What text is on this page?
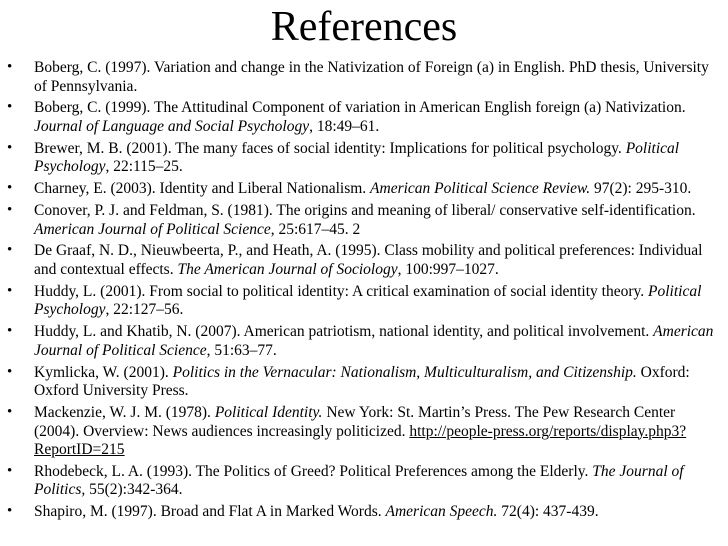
References
• Boberg, C. (1997). Variation and change in the Nativization of Foreign (a) in English. PhD thesis, University of Pennsylvania.
• Boberg, C. (1999). The Attitudinal Component of variation in American English foreign (a) Nativization. Journal of Language and Social Psychology, 18:49–61.
• Brewer, M. B. (2001). The many faces of social identity: Implications for political psychology. Political Psychology, 22:115–25.
• Charney, E. (2003). Identity and Liberal Nationalism. American Political Science Review. 97(2): 295-310.
• Conover, P. J. and Feldman, S. (1981). The origins and meaning of liberal/ conservative self-identification. American Journal of Political Science, 25:617–45. 2
• De Graaf, N. D., Nieuwbeerta, P., and Heath, A. (1995). Class mobility and political preferences: Individual and contextual effects. The American Journal of Sociology, 100:997–1027.
• Huddy, L. (2001). From social to political identity: A critical examination of social identity theory. Political Psychology, 22:127–56.
• Huddy, L. and Khatib, N. (2007). American patriotism, national identity, and political involvement. American Journal of Political Science, 51:63–77.
• Kymlicka, W. (2001). Politics in the Vernacular: Nationalism, Multiculturalism, and Citizenship. Oxford: Oxford University Press.
• Mackenzie, W. J. M. (1978). Political Identity. New York: St. Martin’s Press. The Pew Research Center (2004). Overview: News audiences increasingly politicized. http://people-press.org/reports/display.php3?ReportID=215
• Rhodebeck, L. A. (1993). The Politics of Greed? Political Preferences among the Elderly. The Journal of Politics, 55(2):342-364.
• Shapiro, M. (1997). Broad and Flat A in Marked Words. American Speech. 72(4): 437-439.
